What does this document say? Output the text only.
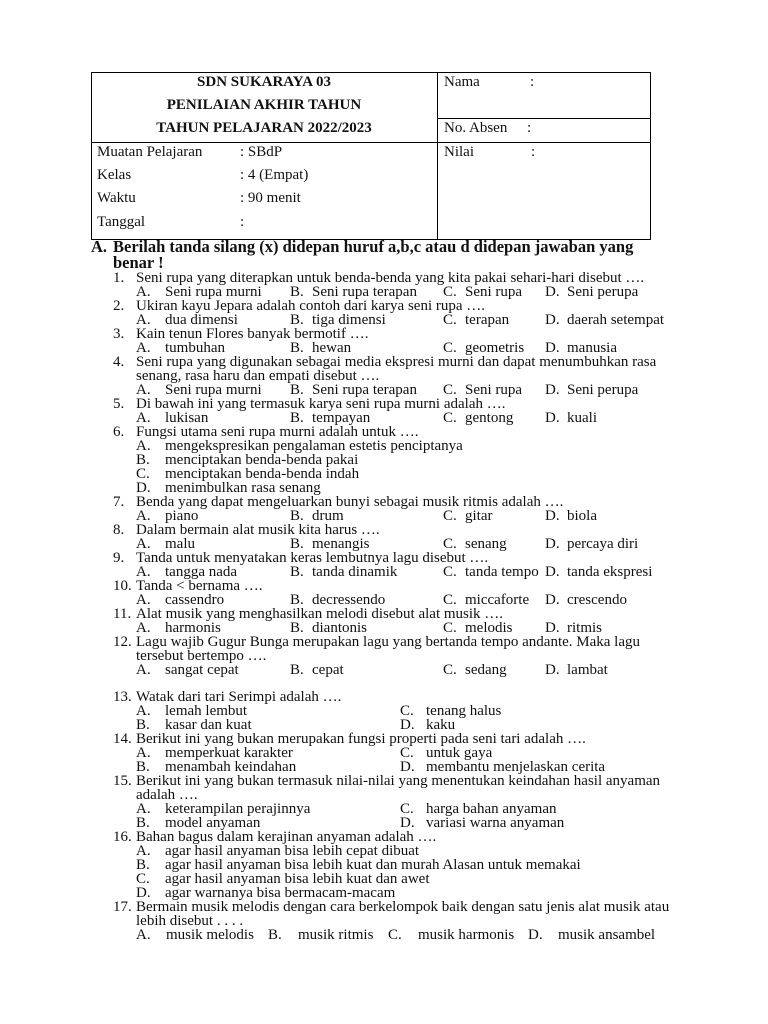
SDN SUKARAYA 03
PENILAIAN AKHIR TAHUN
TAHUN PELAJARAN 2022/2023
Nama	:
No. Absen :
Nilai	:
Muatan Pelajaran	: SBdP
Kelas	: 4 (Empat)
Waktu	: 90 menit
Tanggal	:
A. Berilah tanda silang (x) didepan huruf a,b,c atau d didepan jawaban yang
benar !
1. Seni rupa yang diterapkan untuk benda-benda yang kita pakai sehari-hari disebut ….
A. Seni rupa murni	B. Seni rupa terapan	C. Seni rupa	D. Seni perupa
2. Ukiran kayu Jepara adalah contoh dari karya seni rupa ….
A. dua dimensi	B. tiga dimensi	C. terapan	D. daerah setempat
3. Kain tenun Flores banyak bermotif ….
A. tumbuhan	B. hewan	C. geometris	D. manusia
4. Seni rupa yang digunakan sebagai media ekspresi murni dan dapat menumbuhkan rasa
senang, rasa haru dan empati disebut ….
A. Seni rupa murni	B. Seni rupa terapan	C. Seni rupa	D. Seni perupa
5. Di bawah ini yang termasuk karya seni rupa murni adalah ….
A. lukisan	B. tempayan	C. gentong	D. kuali
6. Fungsi utama seni rupa murni adalah untuk ….
A. mengekspresikan pengalaman estetis penciptanya
B. menciptakan benda-benda pakai
C. menciptakan benda-benda indah
D. menimbulkan rasa senang
7. Benda yang dapat mengeluarkan bunyi sebagai musik ritmis adalah ….
A. piano	B. drum	C. gitar	D. biola
8. Dalam bermain alat musik kita harus ….
A. malu	B. menangis	C. senang	D. percaya diri
9. Tanda untuk menyatakan keras lembutnya lagu disebut ….
A. tangga nada	B. tanda dinamik	C. tanda tempo D. tanda ekspresi
10. Tanda < bernama ….
A. cassendro	B. decressendo	C. miccaforte	D. crescendo
11. Alat musik yang menghasilkan melodi disebut alat musik ….
A. harmonis	B. diantonis	C. melodis	D. ritmis
12. Lagu wajib Gugur Bunga merupakan lagu yang bertanda tempo andante. Maka lagu
tersebut bertempo ….
A. sangat cepat	B. cepat	C. sedang	D. lambat
13. Watak dari tari Serimpi adalah ….
A. lemah lembut	C. tenang halus
B. kasar dan kuat	D. kaku
14. Berikut ini yang bukan merupakan fungsi properti pada seni tari adalah ….
A. memperkuat karakter	C. untuk gaya
B. menambah keindahan	D. membantu menjelaskan cerita
15. Berikut ini yang bukan termasuk nilai-nilai yang menentukan keindahan hasil anyaman
adalah ….
A. keterampilan perajinnya	C. harga bahan anyaman
B. model anyaman	D. variasi warna anyaman
16. Bahan bagus dalam kerajinan anyaman adalah ….
A. agar hasil anyaman bisa lebih cepat dibuat
B. agar hasil anyaman bisa lebih kuat dan murah Alasan untuk memakai
C. agar hasil anyaman bisa lebih kuat dan awet
D. agar warnanya bisa bermacam-macam
17. Bermain musik melodis dengan cara berkelompok baik dengan satu jenis alat musik atau
lebih disebut . . . .
A. musik melodis B. musik ritmis C. musik harmonis D. musik ansambel
